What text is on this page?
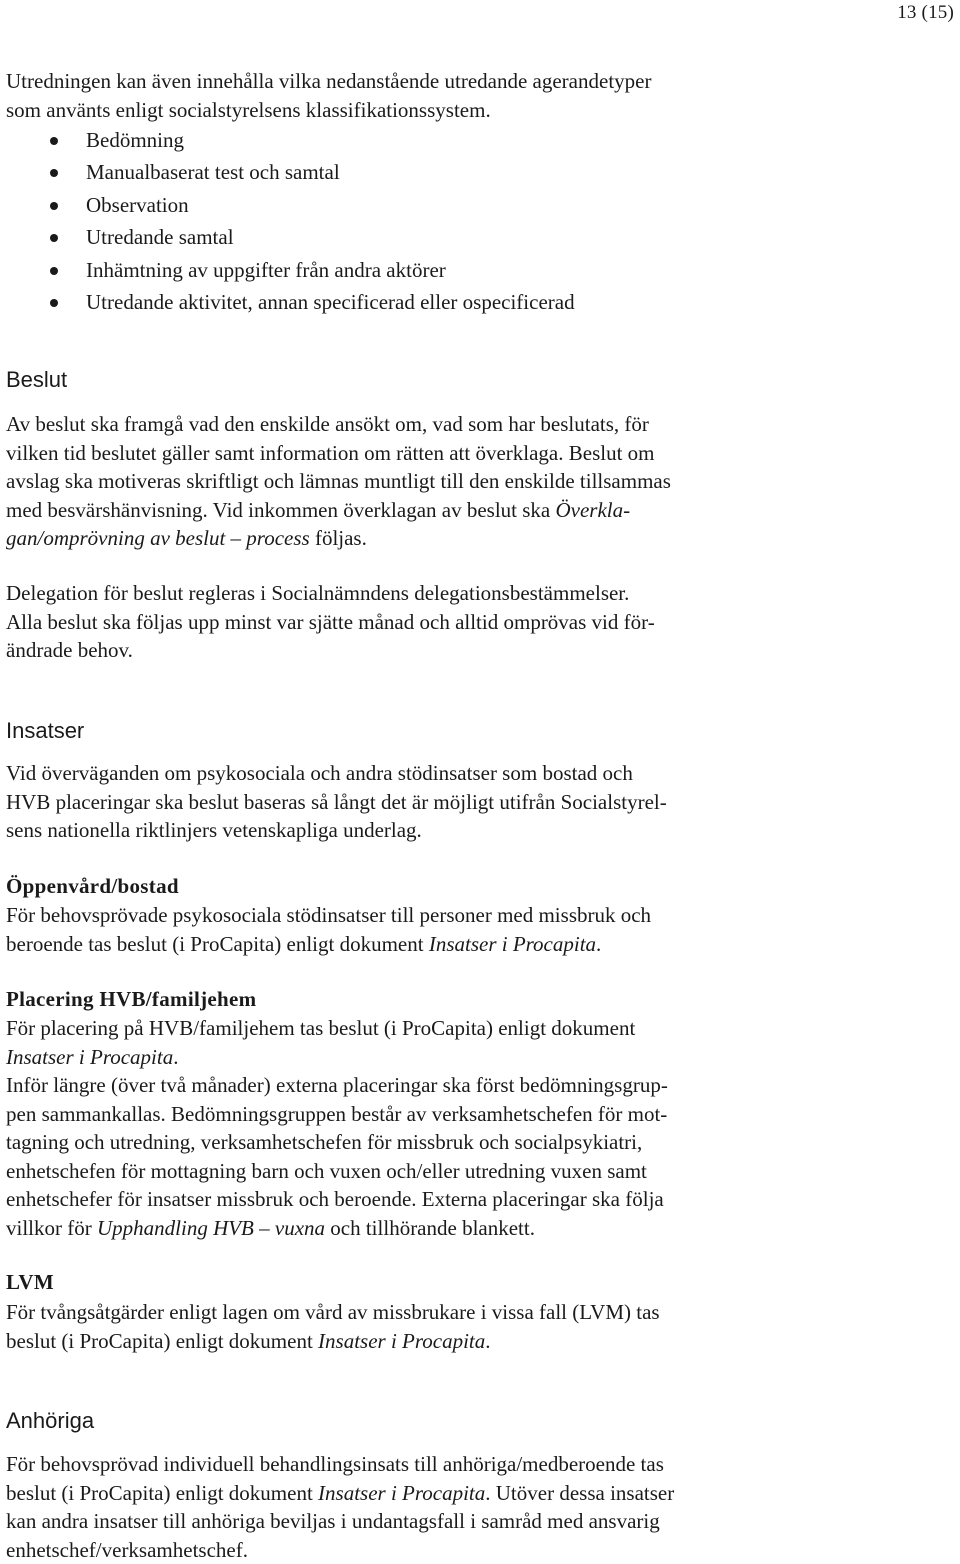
13 (15)

Utredningen kan även innehålla vilka nedanstående utredande agerandetyper
som använts enligt socialstyrelsens klassifikationssystem.

Bedömning
Manualbaserat test och samtal
Observation
Utredande samtal
Inhämtning av uppgifter från andra aktörer
Utredande aktivitet, annan specificerad eller ospecificerad
Beslut

Av beslut ska framgå vad den enskilde ansökt om, vad som har beslutats, för
vilken tid beslutet gäller samt information om rätten att överklaga. Beslut om
avslag ska motiveras skriftligt och lämnas muntligt till den enskilde tillsammas
med besvärshänvisning. Vid inkommen överklagan av beslut ska Överkla-
gan/omprövning av beslut – process följas.

Delegation för beslut regleras i Socialnämndens delegationsbestämmelser.
Alla beslut ska följas upp minst var sjätte månad och alltid omprövas vid för-
ändrade behov.

Insatser

Vid överväganden om psykosociala och andra stödinsatser som bostad och
HVB placeringar ska beslut baseras så långt det är möjligt utifrån Socialstyrel-
sens nationella riktlinjers vetenskapliga underlag.

Öppenvård/bostad

För behovsprövade psykosociala stödinsatser till personer med missbruk och
beroende tas beslut (i ProCapita) enligt dokument Insatser i Procapita.

Placering HVB/familjehem

För placering på HVB/familjehem tas beslut (i ProCapita) enligt dokument
Insatser i Procapita.
Inför längre (över två månader) externa placeringar ska först bedömningsgrup-
pen sammankallas. Bedömningsgruppen består av verksamhetschefen för mot-
tagning och utredning, verksamhetschefen för missbruk och socialpsykiatri,
enhetschefen för mottagning barn och vuxen och/eller utredning vuxen samt
enhetschefer för insatser missbruk och beroende. Externa placeringar ska följa
villkor för Upphandling HVB – vuxna och tillhörande blankett.

LVM

För tvångsåtgärder enligt lagen om vård av missbrukare i vissa fall (LVM) tas
beslut (i ProCapita) enligt dokument Insatser i Procapita.

Anhöriga

För behovsprövad individuell behandlingsinsats till anhöriga/medberoende tas
beslut (i ProCapita) enligt dokument Insatser i Procapita. Utöver dessa insatser
kan andra insatser till anhöriga beviljas i undantagsfall i samråd med ansvarig
enhetschef/verksamhetschef.
